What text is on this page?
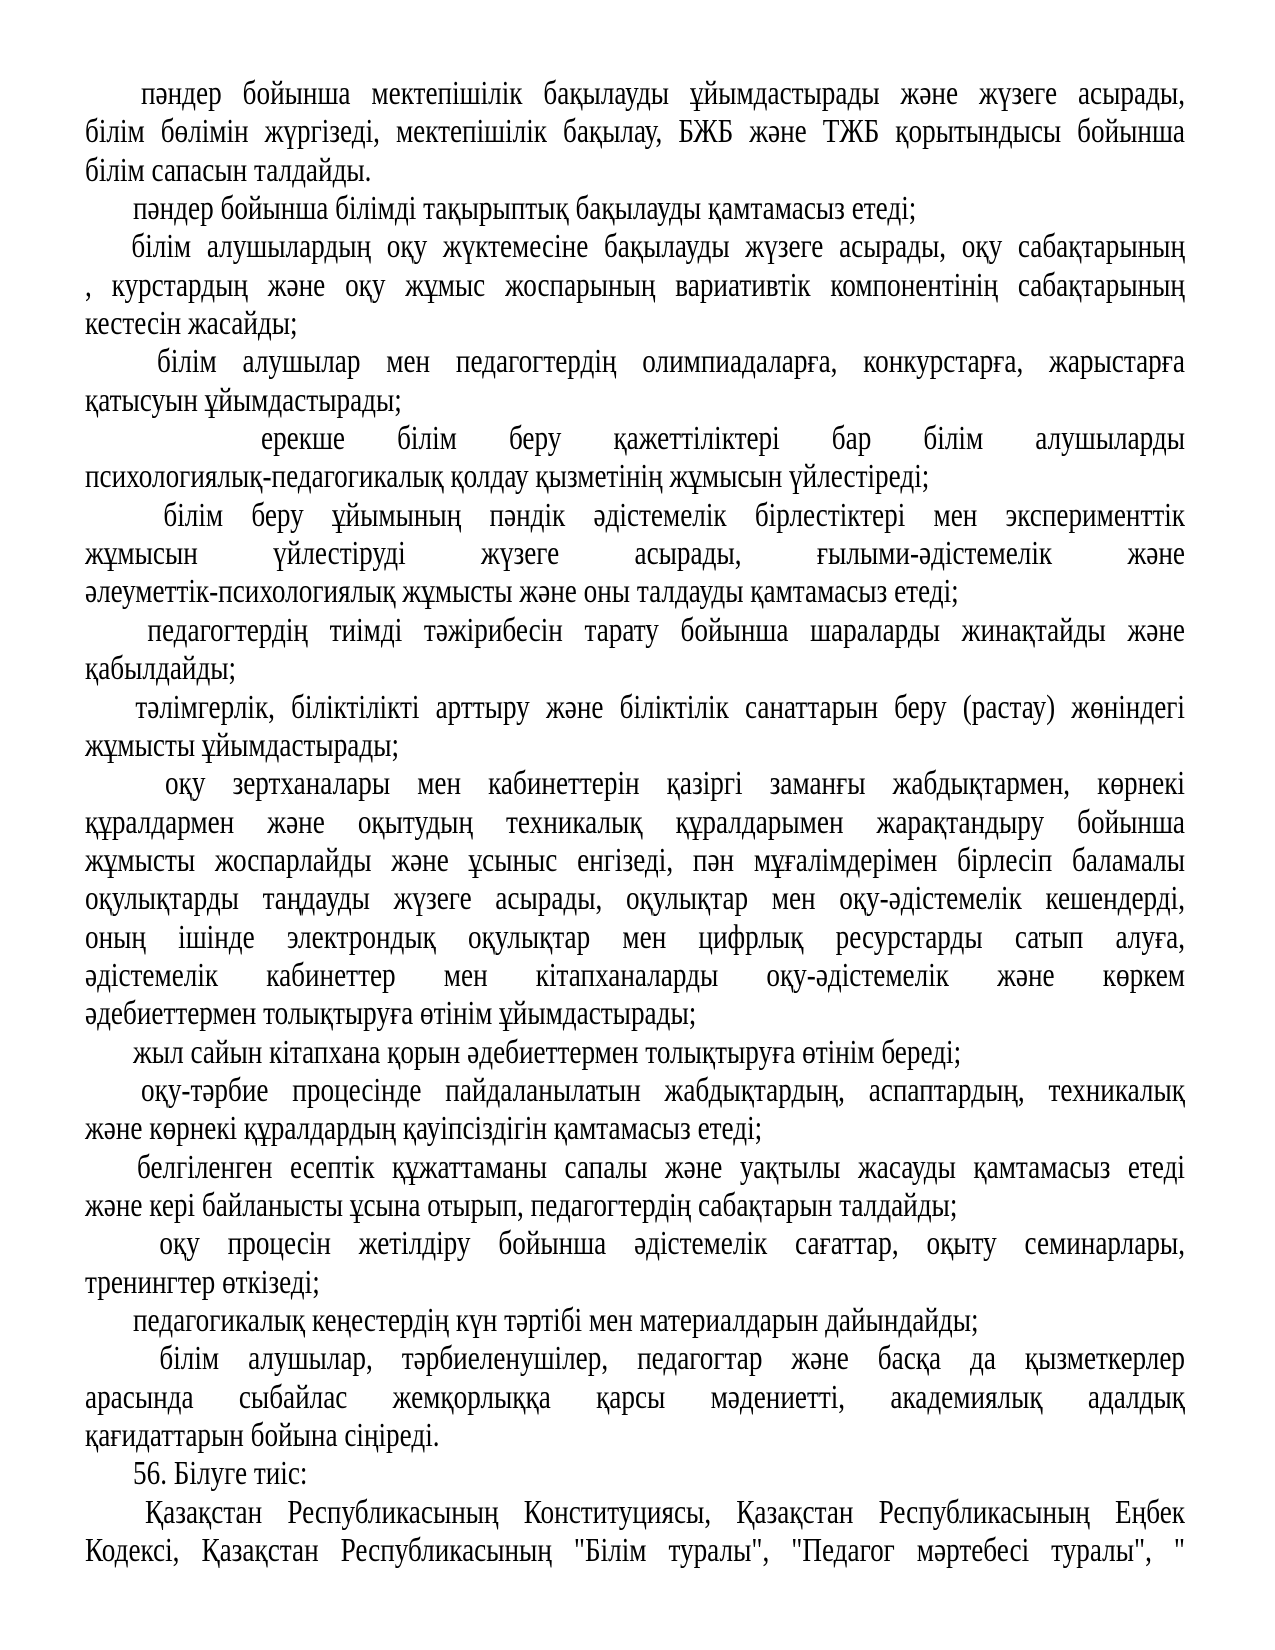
пәндер бойынша мектепішілік бақылауды ұйымдастырады және жүзеге асырады,
білім бөлімін жүргізеді, мектепішілік бақылау, БЖБ және ТЖБ қорытындысы бойынша
білім сапасын талдайды.
пәндер бойынша білімді тақырыптық бақылауды қамтамасыз етеді;
білім алушылардың оқу жүктемесіне бақылауды жүзеге асырады, оқу сабақтарының
, курстардың және оқу жұмыс жоспарының вариативтік компонентінің сабақтарының
кестесін жасайды;
білім алушылар мен педагогтердің олимпиадаларға, конкурстарға, жарыстарға
қатысуын ұйымдастырады;
ерекше білім беру қажеттіліктері бар білім алушыларды
психологиялық-педагогикалық қолдау қызметінің жұмысын үйлестіреді;
білім беру ұйымының пәндік әдістемелік бірлестіктері мен эксперименттік
жұмысын үйлестіруді жүзеге асырады, ғылыми-әдістемелік және
әлеуметтік-психологиялық жұмысты және оны талдауды қамтамасыз етеді;
педагогтердің тиімді тәжірибесін тарату бойынша шараларды жинақтайды және
қабылдайды;
тәлімгерлік, біліктілікті арттыру және біліктілік санаттарын беру (растау) жөніндегі
жұмысты ұйымдастырады;
оқу зертханалары мен кабинеттерін қазіргі заманғы жабдықтармен, көрнекі
құралдармен және оқытудың техникалық құралдарымен жарақтандыру бойынша
жұмысты жоспарлайды және ұсыныс енгізеді, пән мұғалімдерімен бірлесіп баламалы
оқулықтарды таңдауды жүзеге асырады, оқулықтар мен оқу-әдістемелік кешендерді,
оның ішінде электрондық оқулықтар мен цифрлық ресурстарды сатып алуға,
әдістемелік кабинеттер мен кітапханаларды оқу-әдістемелік және көркем
әдебиеттермен толықтыруға өтінім ұйымдастырады;
жыл сайын кітапхана қорын әдебиеттермен толықтыруға өтінім береді;
оқу-тәрбие процесінде пайдаланылатын жабдықтардың, аспаптардың, техникалық
және көрнекі құралдардың қауіпсіздігін қамтамасыз етеді;
белгіленген есептік құжаттаманы сапалы және уақтылы жасауды қамтамасыз етеді
және кері байланысты ұсына отырып, педагогтердің сабақтарын талдайды;
оқу процесін жетілдіру бойынша әдістемелік сағаттар, оқыту семинарлары,
тренингтер өткізеді;
педагогикалық кеңестердің күн тәртібі мен материалдарын дайындайды;
білім алушылар, тәрбиеленушілер, педагогтар және басқа да қызметкерлер
арасында сыбайлас жемқорлыққа қарсы мәдениетті, академиялық адалдық
қағидаттарын бойына сіңіреді.
56. Білуге тиіс:
Қазақстан Республикасының Конституциясы, Қазақстан Республикасының Еңбек
Кодексі, Қазақстан Республикасының "Білім туралы", "Педагог мәртебесі туралы", "
